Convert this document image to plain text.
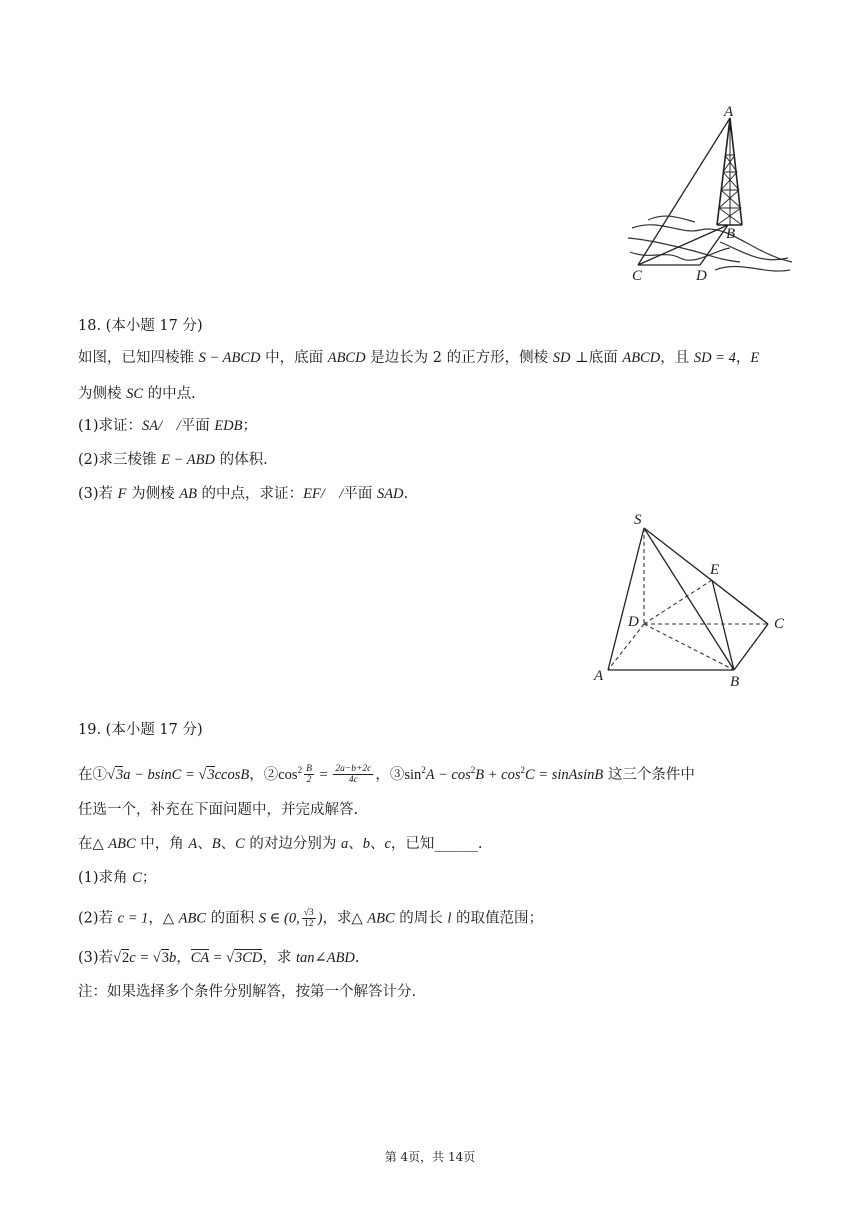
A
B
C	D
18. (本小题 17 分)
如图，已知四棱锥 S − ABCD 中，底面 ABCD 是边长为 2 的正方形，侧棱 SD ⊥底面 ABCD，且 SD = 4，E
为侧棱 SC 的中点.
(1)求证：SA/　/平面 EDB；
(2)求三棱锥 E − ABD 的体积.
(3)若 F 为侧棱 AB 的中点，求证：EF/　/平面 SAD.
S
E
D	C
A	B
19. (本小题 17 分)
在①√3a − bsinC = √3ccosB，$②\cos^2 \frac{B}{2} = \frac{2a-b+2c}{4c}$ ，$③\sin^2A - \cos^2B + \cos^2C$ = sinAsinB 这三个条件中
任选一个，补充在下面问题中，并完成解答.
在△ ABC 中，角 A、B、C 的对边分别为 a、b、c，已知______.
(1)求角 C；
(2)若 c = 1，△ ABC 的面积 S ∈ (0, $\frac{√3}{12}$ )，求△ ABC 的周长 l 的取值范围；
(3)若√2c = √3b，CA = √3CD，求 tan∠ABD.
注：如果选择多个条件分别解答，按第一个解答计分.
第 4页，共 14页
